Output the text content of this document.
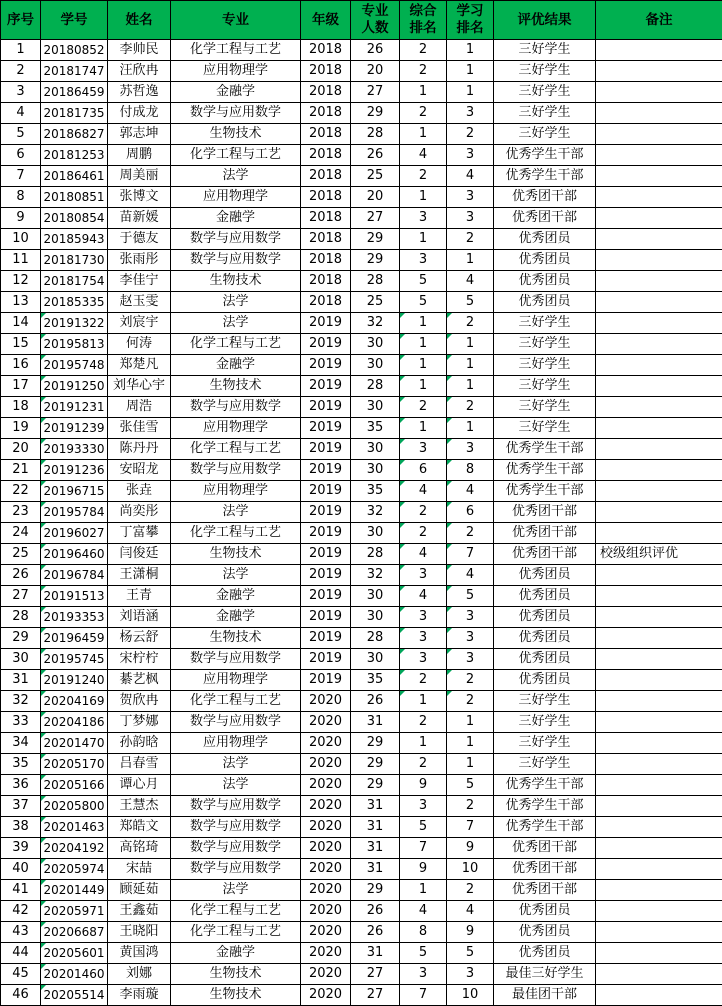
序号	学号	姓名	专业	年级	专业人数	综合排名	学习排名	评优结果	备注
1	20180852	李帅民	化学工程与工艺	2018	26	2	1	三好学生	
2	20181747	汪欣冉	应用物理学	2018	20	2	1	三好学生	
3	20186459	苏哲逸	金融学	2018	27	1	1	三好学生	
4	20181735	付成龙	数学与应用数学	2018	29	2	3	三好学生	
5	20186827	郭志坤	生物技术	2018	28	1	2	三好学生	
6	20181253	周鹏	化学工程与工艺	2018	26	4	3	优秀学生干部	
7	20186461	周美丽	法学	2018	25	2	4	优秀学生干部	
8	20180851	张博文	应用物理学	2018	20	1	3	优秀团干部	
9	20180854	苗新媛	金融学	2018	27	3	3	优秀团干部	
10	20185943	于德友	数学与应用数学	2018	29	1	2	优秀团员	
11	20181730	张雨彤	数学与应用数学	2018	29	3	1	优秀团员	
12	20181754	李佳宁	生物技术	2018	28	5	4	优秀团员	
13	20185335	赵玉雯	法学	2018	25	5	5	优秀团员	
14	20191322	刘宸宇	法学	2019	32	1	2	三好学生	
15	20195813	何涛	化学工程与工艺	2019	30	1	1	三好学生	
16	20195748	郑楚凡	金融学	2019	30	1	1	三好学生	
17	20191250	刘华心宇	生物技术	2019	28	1	1	三好学生	
18	20191231	周浩	数学与应用数学	2019	30	2	2	三好学生	
19	20191239	张佳雪	应用物理学	2019	35	1	1	三好学生	
20	20193330	陈丹丹	化学工程与工艺	2019	30	3	3	优秀学生干部	
21	20191236	安昭龙	数学与应用数学	2019	30	6	8	优秀学生干部	
22	20196715	张垚	应用物理学	2019	35	4	4	优秀学生干部	
23	20195784	尚奕彤	法学	2019	32	2	6	优秀团干部	
24	20196027	丁富攀	化学工程与工艺	2019	30	2	2	优秀团干部	
25	20196460	闫俊廷	生物技术	2019	28	4	7	优秀团干部	校级组织评优
26	20196784	王潇桐	法学	2019	32	3	4	优秀团员	
27	20191513	王青	金融学	2019	30	4	5	优秀团员	
28	20193353	刘语涵	金融学	2019	30	3	3	优秀团员	
29	20196459	杨云舒	生物技术	2019	28	3	3	优秀团员	
30	20195745	宋柠柠	数学与应用数学	2019	30	3	3	优秀团员	
31	20191240	綦艺枫	应用物理学	2019	35	2	2	优秀团员	
32	20204169	贺欣冉	化学工程与工艺	2020	26	1	2	三好学生	
33	20204186	丁梦娜	数学与应用数学	2020	31	2	1	三好学生	
34	20201470	孙韵晗	应用物理学	2020	29	1	1	三好学生	
35	20205170	吕春雪	法学	2020	29	2	1	三好学生	
36	20205166	谭心月	法学	2020	29	9	5	优秀学生干部	
37	20205800	王慧杰	数学与应用数学	2020	31	3	2	优秀学生干部	
38	20201463	郑皓文	数学与应用数学	2020	31	5	7	优秀学生干部	
39	20204192	高铭琦	数学与应用数学	2020	31	7	9	优秀团干部	
40	20205974	宋喆	数学与应用数学	2020	31	9	10	优秀团干部	
41	20201449	顾延茹	法学	2020	29	1	2	优秀团干部	
42	20205971	王鑫茹	化学工程与工艺	2020	26	4	4	优秀团员	
43	20206687	王晓阳	化学工程与工艺	2020	26	8	9	优秀团员	
44	20205601	黄国鸿	金融学	2020	31	5	5	优秀团员	
45	20201460	刘娜	生物技术	2020	27	3	3	最佳三好学生	
46	20205514	李雨璇	生物技术	2020	27	7	10	最佳团干部	
